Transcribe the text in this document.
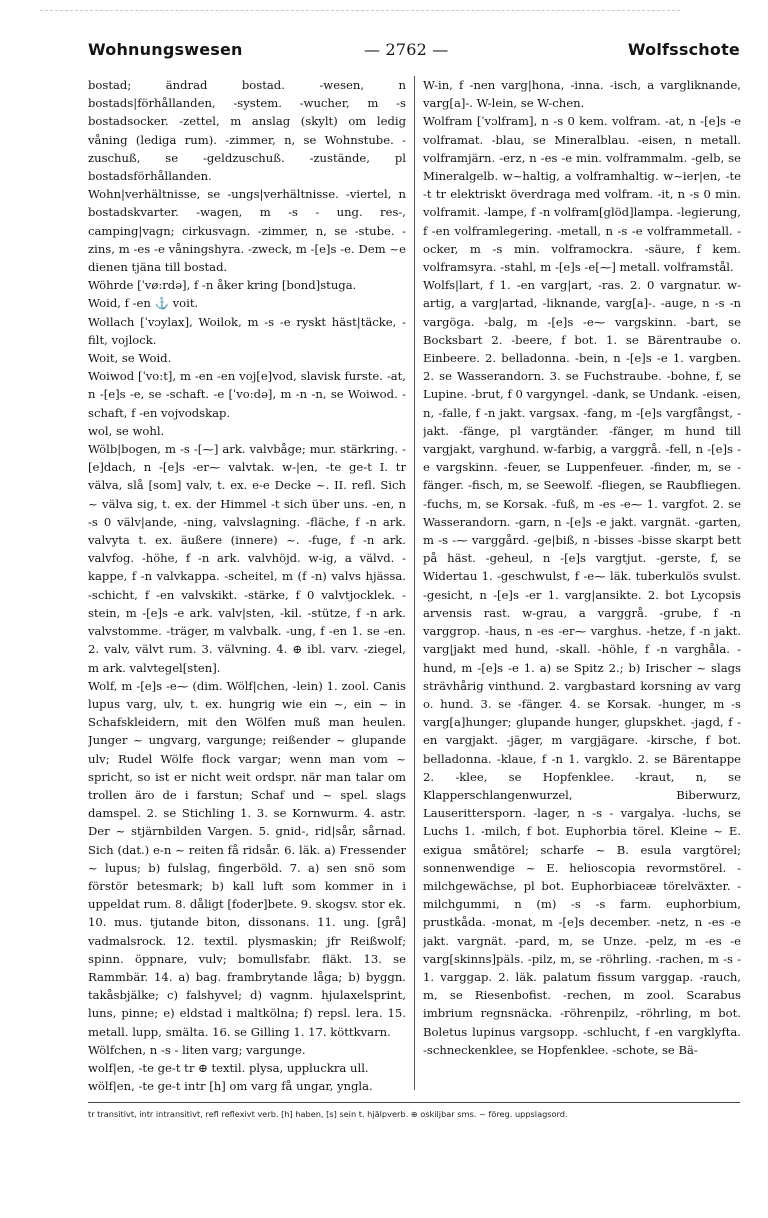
Wohnungswesen	— 2762 —	Wolfsschote

bostad; ändrad bostad. -wesen, n bostads|förhållanden, -system. -wucher, m -s bostadsocker. -zettel, m anslag (skylt) om ledig våning (lediga rum). -zimmer, n, se Wohnstube. -zuschuß, se -geldzuschuß. -zustände, pl bostadsförhållanden.

Wohn|verhältnisse, se -ungs|verhältnisse. -viertel, n bostadskvarter. -wagen, m -s - ung. res-, camping|vagn; cirkusvagn. -zimmer, n, se -stube. -zins, m -es -e våningshyra. -zweck, m -[e]s -e. Dem ~e dienen tjäna till bostad.

Wöhrde [ˈvø:rdə], f -n åker kring [bond]stuga.

Woid, f -en ⚓ voit.

Wollach [ˈvɔylax], Woilok, m -s -e ryskt häst|täcke, -filt, vojlock.

Woit, se Woid.

Woiwod [ˈvo:t], m -en -en voj[e]vod, slavisk furste. -at, n -[e]s -e, se -schaft. -e [ˈvo:də], m -n -n, se Woiwod. -schaft, f -en vojvodskap.

wol, se wohl.

Wölb|bogen, m -s -[⁓] ark. valvbåge; mur. stärkring. -[e]dach, n -[e]s -er⁓ valvtak. w-|en, -te ge-t I. tr välva, slå [som] valv, t. ex. e-e Decke ~. II. refl. Sich ~ välva sig, t. ex. der Himmel -t sich über uns. -en, n -s 0 välv|ande, -ning, valvslagning. -fläche, f -n ark. valvyta t. ex. äußere (innere) ~. -fuge, f -n ark. valvfog. -höhe, f -n ark. valvhöjd. w-ig, a välvd. -kappe, f -n valvkappa. -scheitel, m (f -n) valvs hjässa. -schicht, f -en valvskikt. -stärke, f 0 valvtjocklek. -stein, m -[e]s -e ark. valv|sten, -kil. -stütze, f -n ark. valvstomme. -träger, m valvbalk. -ung, f -en 1. se -en. 2. valv, välvt rum. 3. välvning. 4. ⊕ ibl. varv. -ziegel, m ark. valvtegel[sten].

Wolf, m -[e]s -e⁓ (dim. Wölf|chen, -lein) 1. zool. Canis lupus varg, ulv, t. ex. hungrig wie ein ~, ein ~ in Schafskleidern, mit den Wölfen muß man heulen. Junger ~ ungvarg, vargunge; reißender ~ glupande ulv; Rudel Wölfe flock vargar; wenn man vom ~ spricht, so ist er nicht weit ordspr. när man talar om trollen äro de i farstun; Schaf und ~ spel. slags damspel. 2. se Stichling 1. 3. se Kornwurm. 4. astr. Der ~ stjärnbilden Vargen. 5. gnid-, rid|sår, sårnad. Sich (dat.) e-n ~ reiten få ridsår. 6. läk. a) Fressender ~ lupus; b) fulslag, fingerböld. 7. a) sen snö som förstör betesmark; b) kall luft som kommer in i uppeldat rum. 8. dåligt [foder]bete. 9. skogsv. stor ek. 10. mus. tjutande biton, dissonans. 11. ung. [grå] vadmalsrock. 12. textil. plysmaskin; jfr Reißwolf; spinn. öppnare, vulv; bomullsfabr. fläkt. 13. se Rammbär. 14. a) bag. frambrytande låga; b) byggn. takåsbjälke; c) falshyvel; d) vagnm. hjulaxelsprint, luns, pinne; e) eldstad i maltkölna; f) repsl. lera. 15. metall. lupp, smälta. 16. se Gilling 1. 17. köttkvarn.

Wölfchen, n -s - liten varg; vargunge.

wolf|en, -te ge-t tr ⊕ textil. plysa, uppluckra ull.

wölf|en, -te ge-t intr [h] om varg få ungar, yngla.

W-in, f -nen varg|hona, -inna. -isch, a vargliknande, varg[a]-. W-lein, se W-chen.

Wolfram [ˈvɔlfram], n -s 0 kem. volfram. -at, n -[e]s -e volframat. -blau, se Mineralblau. -eisen, n metall. volframjärn. -erz, n -es -e min. volframmalm. -gelb, se Mineralgelb. w~haltig, a volframhaltig. w~ier|en, -te -t tr elektriskt överdraga med volfram. -it, n -s 0 min. volframit. -lampe, f -n volfram[glöd]lampa. -legierung, f -en volframlegering. -metall, n -s -e volframmetall. -ocker, m -s min. volframockra. -säure, f kem. volframsyra. -stahl, m -[e]s -e[⁓] metall. volframstål.

Wolfs|lart, f 1. -en varg|art, -ras. 2. 0 vargnatur. w-artig, a varg|artad, -liknande, varg[a]-. -auge, n -s -n vargöga. -balg, m -[e]s -e⁓ vargskinn. -bart, se Bocksbart 2. -beere, f bot. 1. se Bärentraube o. Einbeere. 2. belladonna. -bein, n -[e]s -e 1. vargben. 2. se Wasserandorn. 3. se Fuchstraube. -bohne, f, se Lupine. -brut, f 0 vargyngel. -dank, se Undank. -eisen, n, -falle, f -n jakt. vargsax. -fang, m -[e]s vargfångst, -jakt. -fänge, pl vargtänder. -fänger, m hund till vargjakt, varghund. w-farbig, a varggrå. -fell, n -[e]s -e vargskinn. -feuer, se Luppenfeuer. -finder, m, se -fänger. -fisch, m, se Seewolf. -fliegen, se Raubfliegen. -fuchs, m, se Korsak. -fuß, m -es -e⁓ 1. vargfot. 2. se Wasserandorn. -garn, n -[e]s -e jakt. vargnät. -garten, m -s -⁓ varggård. -ge|biß, n -bisses -bisse skarpt bett på häst. -geheul, n -[e]s vargtjut. -gerste, f, se Widertau 1. -geschwulst, f -e⁓ läk. tuberkulös svulst. -gesicht, n -[e]s -er 1. varg|ansikte. 2. bot Lycopsis arvensis rast. w-grau, a varggrå. -grube, f -n varggrop. -haus, n -es -er⁓ varghus. -hetze, f -n jakt. varg|jakt med hund, -skall. -höhle, f -n varghåla. -hund, m -[e]s -e 1. a) se Spitz 2.; b) Irischer ~ slags strävhårig vinthund. 2. vargbastard korsning av varg o. hund. 3. se -fänger. 4. se Korsak. -hunger, m -s varg[a]hunger; glupande hunger, glupskhet. -jagd, f -en vargjakt. -jäger, m vargjägare. -kirsche, f bot. belladonna. -klaue, f -n 1. vargklo. 2. se Bärentappe 2. -klee, se Hopfenklee. -kraut, n, se Klapperschlangenwurzel, Biberwurz, Lauserittersporn. -lager, n -s - vargalya. -luchs, se Luchs 1. -milch, f bot. Euphorbia törel. Kleine ~ E. exigua småtörel; scharfe ~ B. esula vargtörel; sonnenwendige ~ E. helioscopia revormstörel. -milchgewächse, pl bot. Euphorbiaceæ törelväxter. -milchgummi, n (m) -s -s farm. euphorbium, prustkåda. -monat, m -[e]s december. -netz, n -es -e jakt. vargnät. -pard, m, se Unze. -pelz, m -es -e varg[skinns]päls. -pilz, m, se -röhrling. -rachen, m -s - 1. varggap. 2. läk. palatum fissum varggap. -rauch, m, se Riesenbofist. -rechen, m zool. Scarabus imbrium regnsnäcka. -röhrenpilz, -röhrling, m bot. Boletus lupinus vargsopp. -schlucht, f -en vargklyfta. -schneckenklee, se Hopfenklee. -schote, se Bä-

tr transitivt, intr intransitivt, refl reflexivt verb. [h] haben, [s] sein t. hjälpverb. ⊕ oskiljbar sms. ~ föreg. uppslagsord.
